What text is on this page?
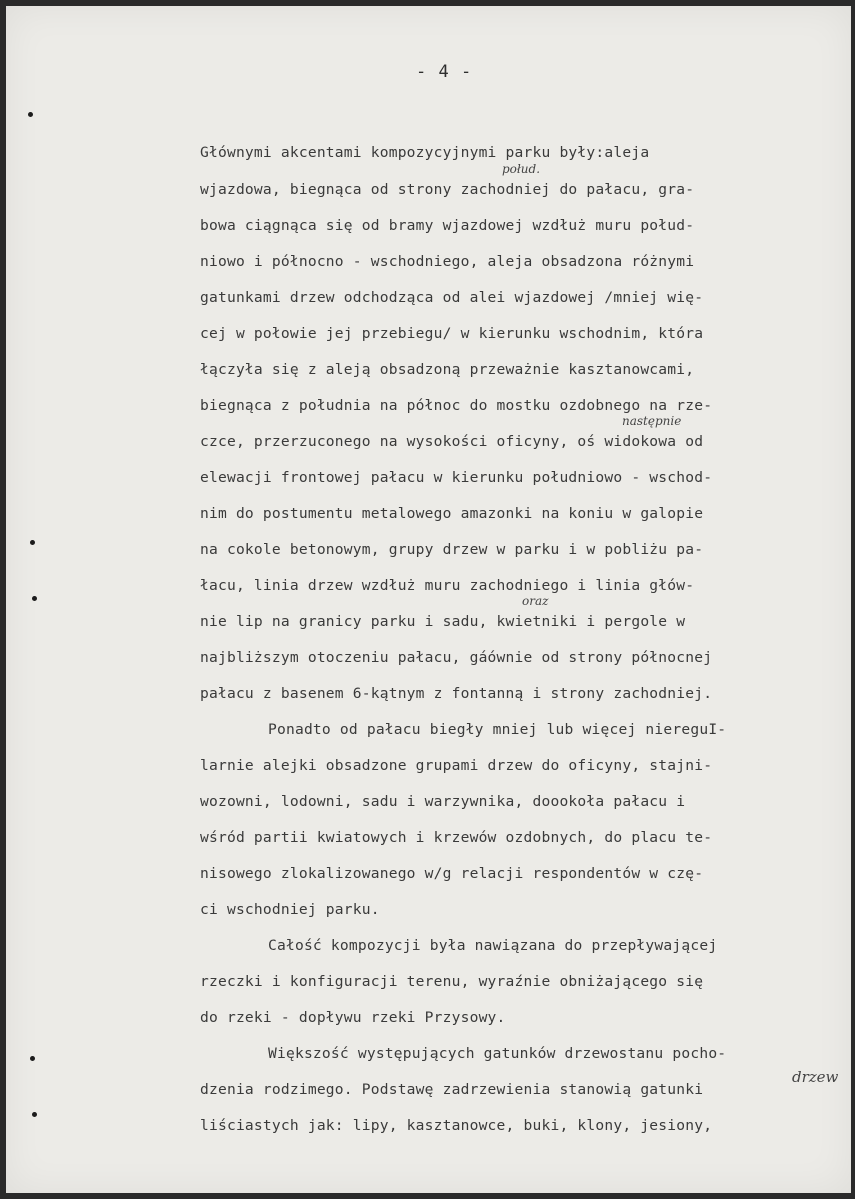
- 4 -
Głównymi akcentami kompozycyjnymi parku były:aleja
wjazdowa, biegnąca od strony zachodniej do pałacu, gra-
bowa ciągnąca się od bramy wjazdowej wzdłuż muru połud-
niowo i północno - wschodniego, aleja obsadzona różnymi
gatunkami drzew odchodząca od alei wjazdowej /mniej wię-
cej w połowie jej przebiegu/ w kierunku wschodnim, która
łączyła się z aleją obsadzoną przeważnie kasztanowcami,
biegnąca z południa na północ do mostku ozdobnego na rze-
czce, przerzuconego na wysokości oficyny, oś widokowa od
elewacji frontowej pałacu w kierunku południowo - wschod-
nim do postumentu metalowego amazonki na koniu w galopie
na cokole betonowym, grupy drzew w parku i w pobliżu pa-
łacu, linia drzew wzdłuż muru zachodniego i linia głów-
nie lip na granicy parku i sadu, kwietniki i pergole w
najbliższym otoczeniu pałacu, gáównie od strony północnej
pałacu z basenem 6-kątnym z fontanną i strony zachodniej.
Ponadto od pałacu biegły mniej lub więcej niereguI-
larnie alejki obsadzone grupami drzew do oficyny, stajni-
wozowni, lodowni, sadu i warzywnika, doookoła pałacu i
wśród partii kwiatowych i krzewów ozdobnych, do placu te-
nisowego zlokalizowanego w/g relacji respondentów w czę-
ci wschodniej parku.
Całość kompozycji była nawiązana do przepływającej
rzeczki i konfiguracji terenu, wyraźnie obniżającego się
do rzeki - dopływu rzeki Przysowy.
Większość występujących gatunków drzewostanu pocho-
dzenia rodzimego. Podstawę zadrzewienia stanowią gatunki
liściastych jak: lipy, kasztanowce, buki, klony, jesiony,
połud.
następnie
oraz
drzew
